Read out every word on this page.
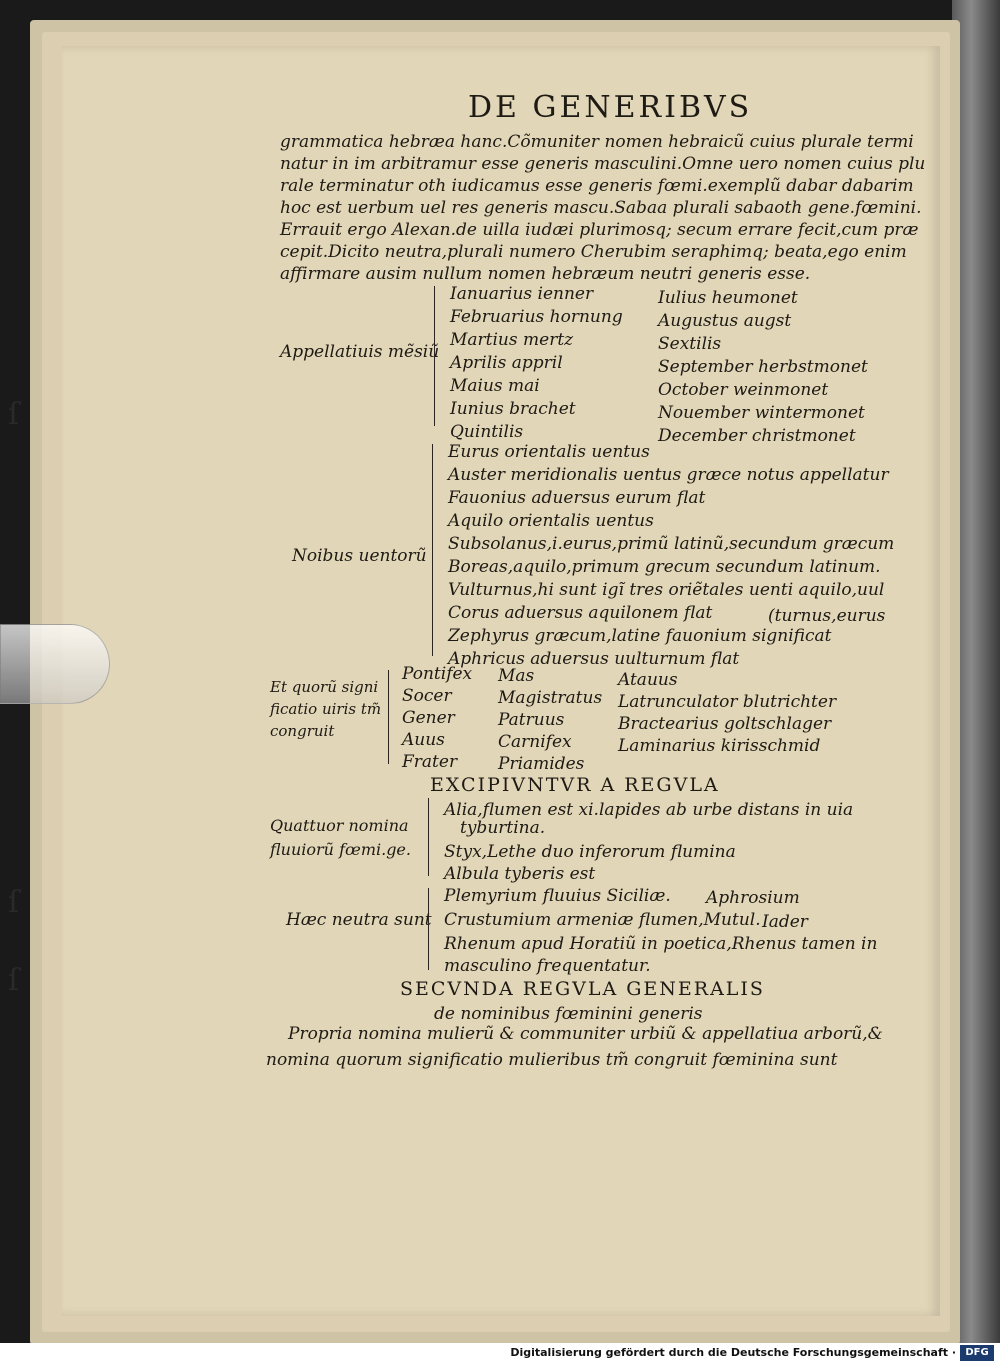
DE GENERIBVS
grammatica hebræa hanc.Cõmuniter nomen hebraicũ cuius plurale termi
natur in im arbitramur esse generis masculini.Omne uero nomen cuius plu
rale terminatur oth iudicamus esse generis fœmi.exemplũ dabar dabarim
hoc est uerbum uel res generis mascu.Sabaa plurali sabaoth gene.fœmini.
Errauit ergo Alexan.de uilla iudæi plurimosq; secum errare fecit,cum præ
cepit.Dicito neutra,plurali numero Cherubim seraphimq; beata,ego enim
affirmare ausim nullum nomen hebræum neutri generis esse.
Appellatiuis mẽsiũ
Ianuarius ienner
Februarius hornung
Martius mertz
Aprilis appril
Maius mai
Iunius brachet
Quintilis
Iulius heumonet
Augustus augst
Sextilis
September herbstmonet
October weinmonet
Nouember wintermonet
December christmonet
Noibus uentorũ
Eurus orientalis uentus
Auster meridionalis uentus græce notus appellatur
Fauonius aduersus eurum flat
Aquilo orientalis uentus
Subsolanus,i.eurus,primũ latinũ,secundum græcum
Boreas,aquilo,primum grecum secundum latinum.
Vulturnus,hi sunt igĩ tres oriẽtales uenti aquilo,uul
Corus aduersus aquilonem flat
Zephyrus græcum,latine fauonium significat
Aphricus aduersus uulturnum flat
(turnus,eurus
Et quorũ signi
ficatio uiris tm̃
congruit
Pontifex
Socer
Gener
Auus
Frater
Mas
Magistratus
Patruus
Carnifex
Priamides
Atauus
Latrunculator blutrichter
Bractearius goltschlager
Laminarius kirisschmid
EXCIPIVNTVR A REGVLA
Quattuor nomina
fluuiorũ fœmi.ge.
Alia,flumen est xi.lapides ab urbe distans in uia
tyburtina.
Styx,Lethe duo inferorum flumina
Albula tyberis est
Hæc neutra sunt
Plemyrium fluuius Siciliæ.
Crustumium armeniæ flumen,Mutul.
Rhenum apud Horatiũ in poetica,Rhenus tamen in
masculino frequentatur.
Aphrosium
Iader
SECVNDA REGVLA GENERALIS
de nominibus fœminini generis
Propria nomina mulierũ & communiter urbiũ & appellatiua arborũ,&
nomina quorum significatio mulieribus tm̃ congruit fœminina sunt
ſ
ſ
ſ
Digitalisierung gefördert durch die Deutsche Forschungsgemeinschaft · DFG
